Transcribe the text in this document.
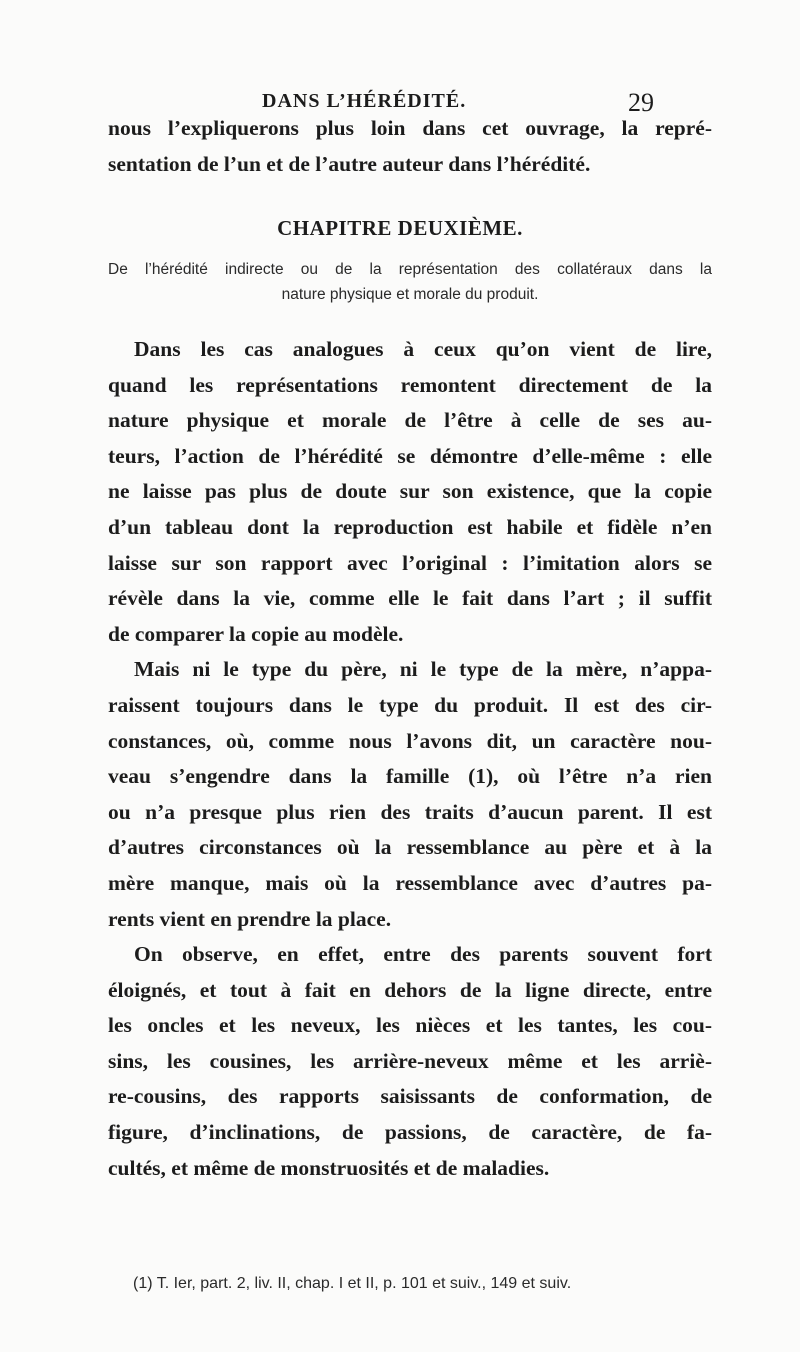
DANS L’HÉRÉDITÉ.	29
nous l’expliquerons plus loin dans cet ouvrage, la repré-
sentation de l’un et de l’autre auteur dans l’hérédité.
CHAPITRE DEUXIÈME.
De l’hérédité indirecte ou de la représentation des collatéraux dans la
nature physique et morale du produit.
Dans les cas analogues à ceux qu’on vient de lire,
quand les représentations remontent directement de la
nature physique et morale de l’être à celle de ses au-
teurs, l’action de l’hérédité se démontre d’elle-même : elle
ne laisse pas plus de doute sur son existence, que la copie
d’un tableau dont la reproduction est habile et fidèle n’en
laisse sur son rapport avec l’original : l’imitation alors se
révèle dans la vie, comme elle le fait dans l’art ; il suffit
de comparer la copie au modèle.
Mais ni le type du père, ni le type de la mère, n’appa-
raissent toujours dans le type du produit. Il est des cir-
constances, où, comme nous l’avons dit, un caractère nou-
veau s’engendre dans la famille (1), où l’être n’a rien
ou n’a presque plus rien des traits d’aucun parent. Il est
d’autres circonstances où la ressemblance au père et à la
mère manque, mais où la ressemblance avec d’autres pa-
rents vient en prendre la place.
On observe, en effet, entre des parents souvent fort
éloignés, et tout à fait en dehors de la ligne directe, entre
les oncles et les neveux, les nièces et les tantes, les cou-
sins, les cousines, les arrière-neveux même et les arriè-
re-cousins, des rapports saisissants de conformation, de
figure, d’inclinations, de passions, de caractère, de fa-
cultés, et même de monstruosités et de maladies.
(1) T. Ier, part. 2, liv. II, chap. I et II, p. 101 et suiv., 149 et suiv.
